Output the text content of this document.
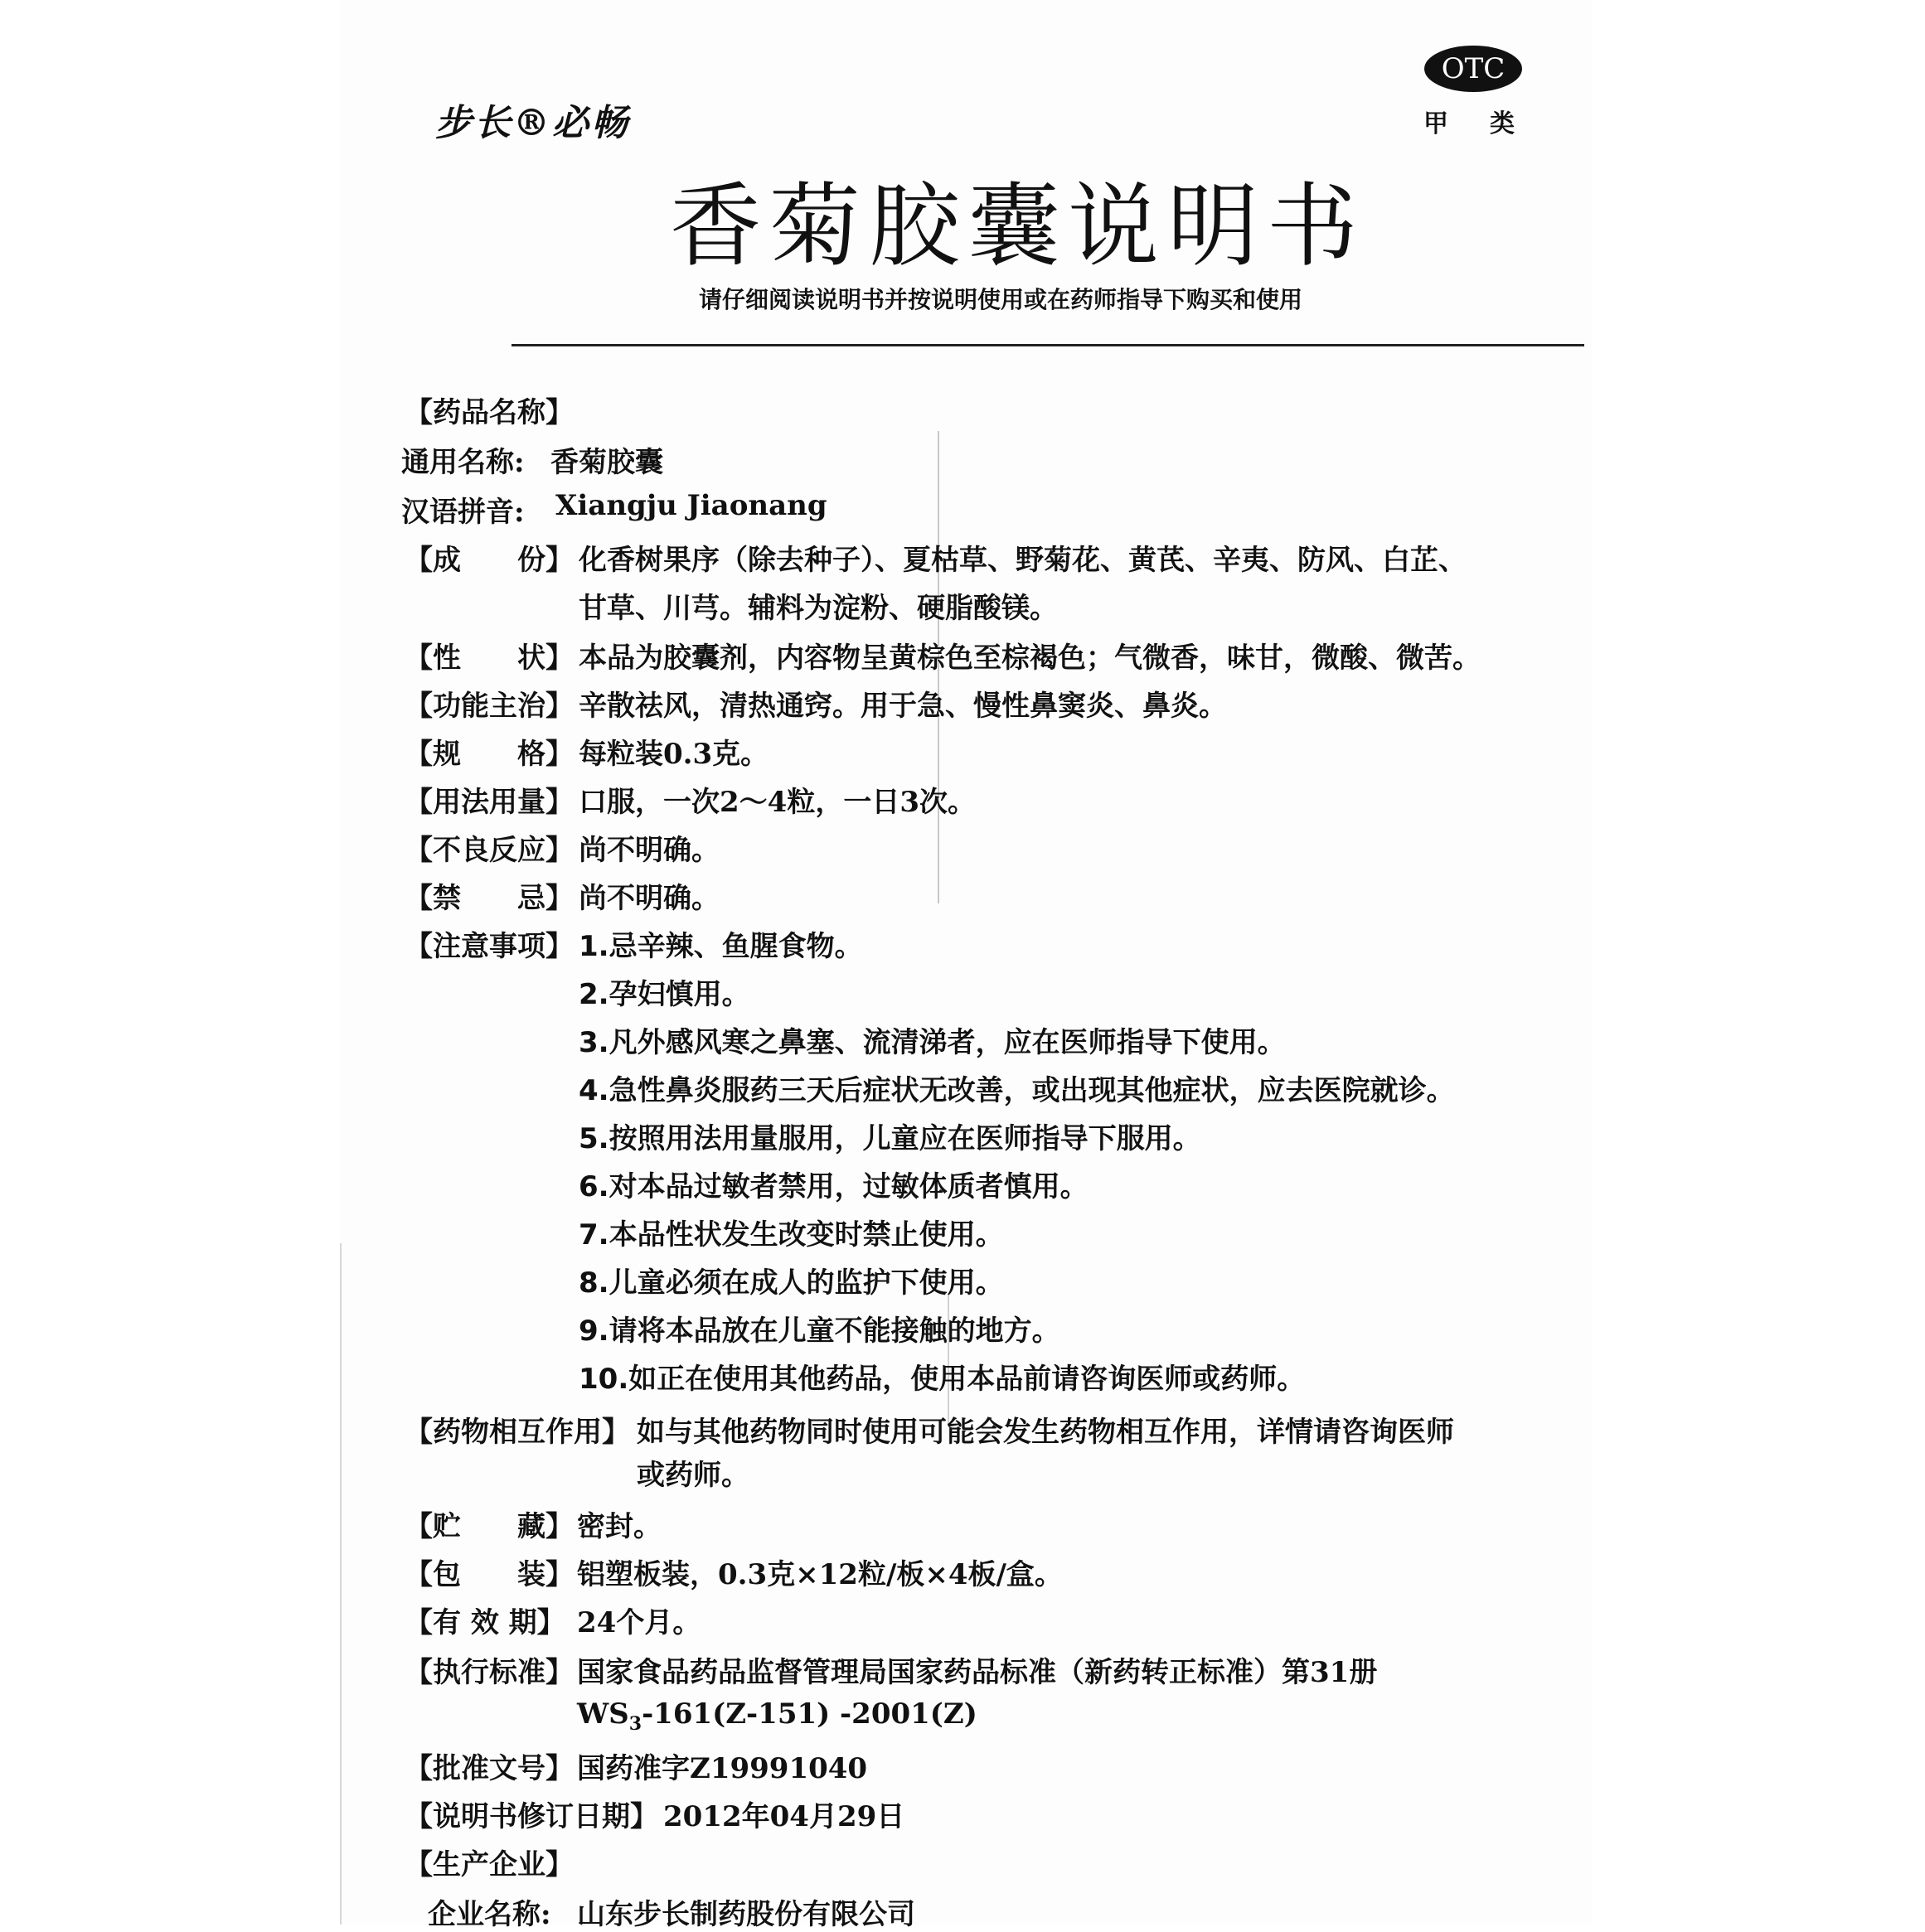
步长®必畅
OTC
甲类
香菊胶囊说明书
请仔细阅读说明书并按说明使用或在药师指导下购买和使用
【药品名称】
通用名称: 香菊胶囊
汉语拼音: Xiangju Jiaonang
【成　　份】 化香树果序（除去种子）、夏枯草、野菊花、黄芪、辛夷、防风、白芷、
甘草、川芎。辅料为淀粉、硬脂酸镁。
【性　　状】 本品为胶囊剂，内容物呈黄棕色至棕褐色；气微香，味甘，微酸、微苦。
【功能主治】 辛散祛风，清热通窍。用于急、慢性鼻窦炎、鼻炎。
【规　　格】 每粒装0.3克。
【用法用量】 口服，一次2～4粒，一日3次。
【不良反应】 尚不明确。
【禁　　忌】 尚不明确。
【注意事项】 1.忌辛辣、鱼腥食物。
2.孕妇慎用。
3.凡外感风寒之鼻塞、流清涕者，应在医师指导下使用。
4.急性鼻炎服药三天后症状无改善，或出现其他症状，应去医院就诊。
5.按照用法用量服用，儿童应在医师指导下服用。
6.对本品过敏者禁用，过敏体质者慎用。
7.本品性状发生改变时禁止使用。
8.儿童必须在成人的监护下使用。
9.请将本品放在儿童不能接触的地方。
10.如正在使用其他药品，使用本品前请咨询医师或药师。
【药物相互作用】 如与其他药物同时使用可能会发生药物相互作用，详情请咨询医师
或药师。
【贮　　藏】 密封。
【包　　装】 铝塑板装，0.3克×12粒/板×4板/盒。
【有 效 期】 24个月。
【执行标准】 国家食品药品监督管理局国家药品标准（新药转正标准）第31册
$WS_3-161(Z-151)$ -2001(Z)
【批准文号】 国药准字Z19991040
【说明书修订日期】 2012年04月29日
【生产企业】
企业名称: 山东步长制药股份有限公司
